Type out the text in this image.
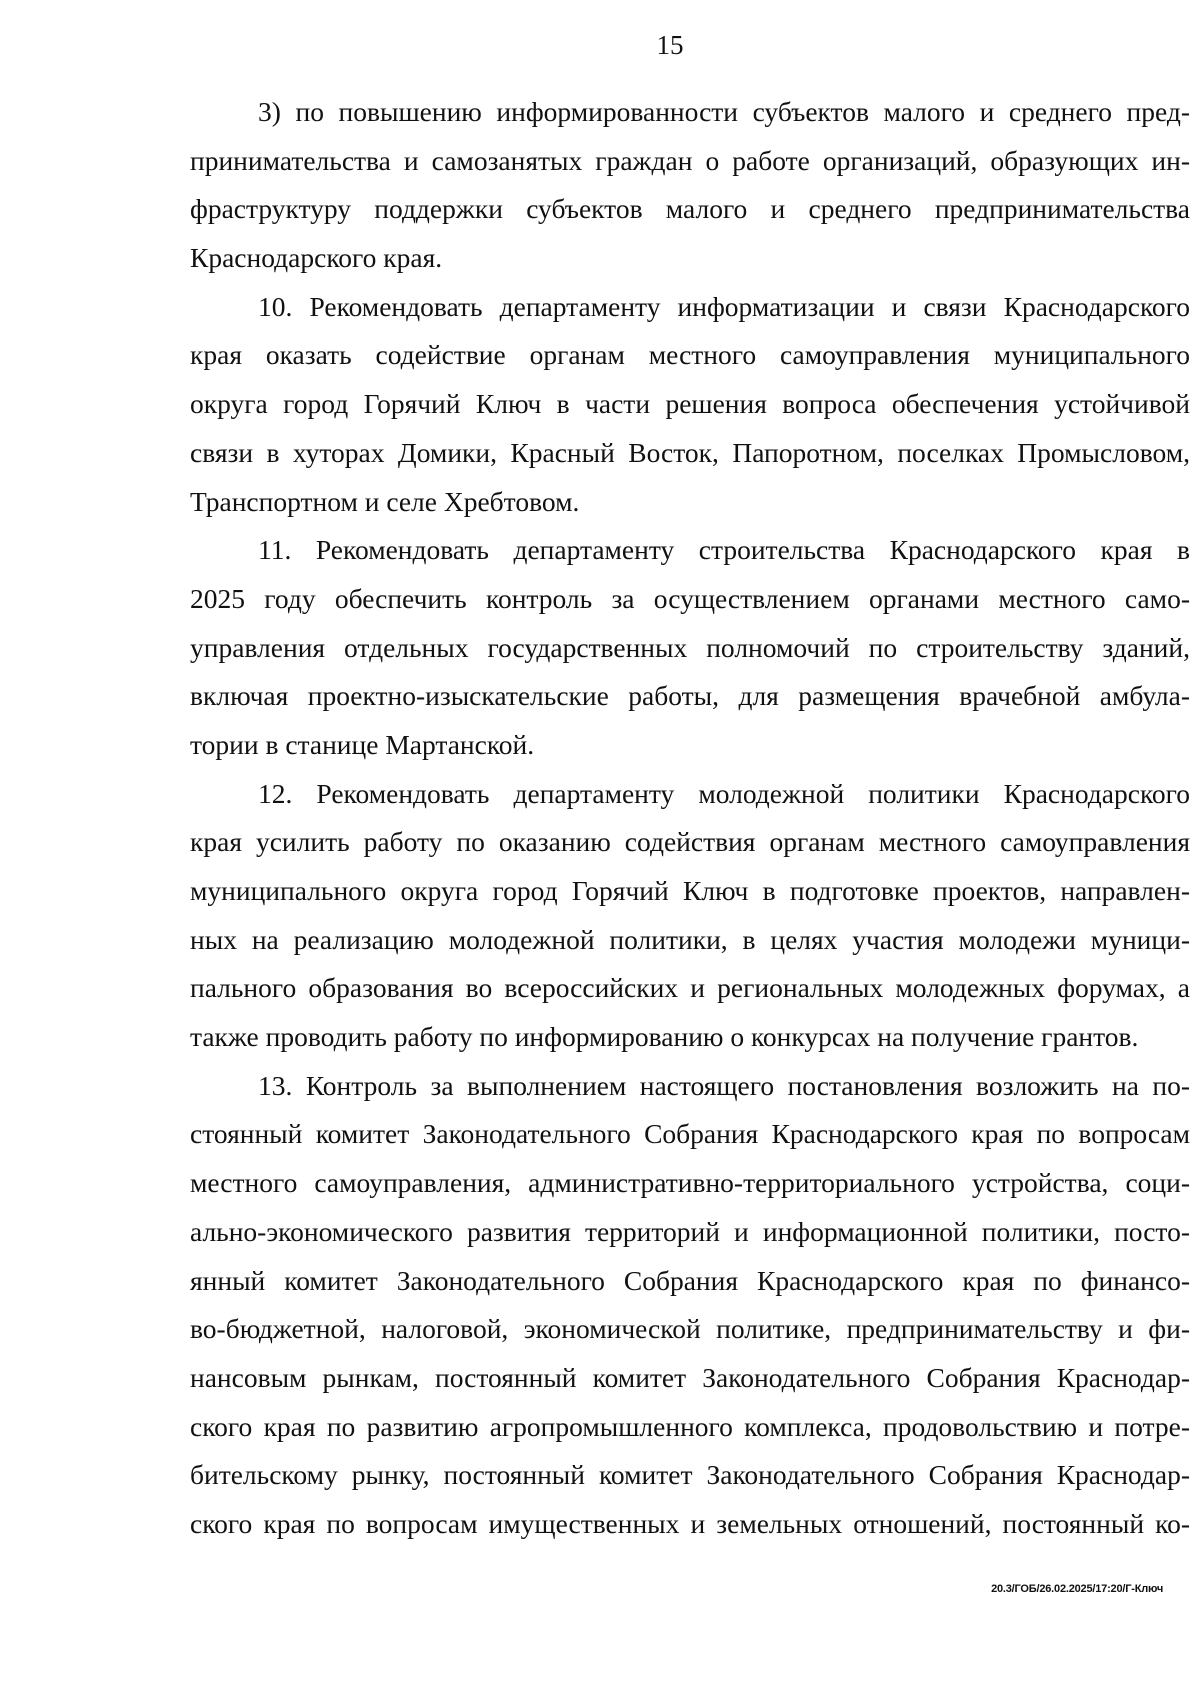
15
3) по повышению информированности субъектов малого и среднего пред-
принимательства и самозанятых граждан о работе организаций, образующих ин-
фраструктуру поддержки субъектов малого и среднего предпринимательства
Краснодарского края.
10. Рекомендовать департаменту информатизации и связи Краснодарского
края оказать содействие органам местного самоуправления муниципального
округа город Горячий Ключ в части решения вопроса обеспечения устойчивой
связи в хуторах Домики, Красный Восток, Папоротном, поселках Промысловом,
Транспортном и селе Хребтовом.
11. Рекомендовать департаменту строительства Краснодарского края в
2025 году обеспечить контроль за осуществлением органами местного само-
управления отдельных государственных полномочий по строительству зданий,
включая проектно-изыскательские работы, для размещения врачебной амбула-
тории в станице Мартанской.
12. Рекомендовать департаменту молодежной политики Краснодарского
края усилить работу по оказанию содействия органам местного самоуправления
муниципального округа город Горячий Ключ в подготовке проектов, направлен-
ных на реализацию молодежной политики, в целях участия молодежи муници-
пального образования во всероссийских и региональных молодежных форумах, а
также проводить работу по информированию о конкурсах на получение грантов.
13. Контроль за выполнением настоящего постановления возложить на по-
стоянный комитет Законодательного Собрания Краснодарского края по вопросам
местного самоуправления, административно-территориального устройства, соци-
ально-экономического развития территорий и информационной политики, посто-
янный комитет Законодательного Собрания Краснодарского края по финансо-
во-бюджетной, налоговой, экономической политике, предпринимательству и фи-
нансовым рынкам, постоянный комитет Законодательного Собрания Краснодар-
ского края по развитию агропромышленного комплекса, продовольствию и потре-
бительскому рынку, постоянный комитет Законодательного Собрания Краснодар-
ского края по вопросам имущественных и земельных отношений, постоянный ко-
20.3/ГОБ/26.02.2025/17:20/Г-Ключ
